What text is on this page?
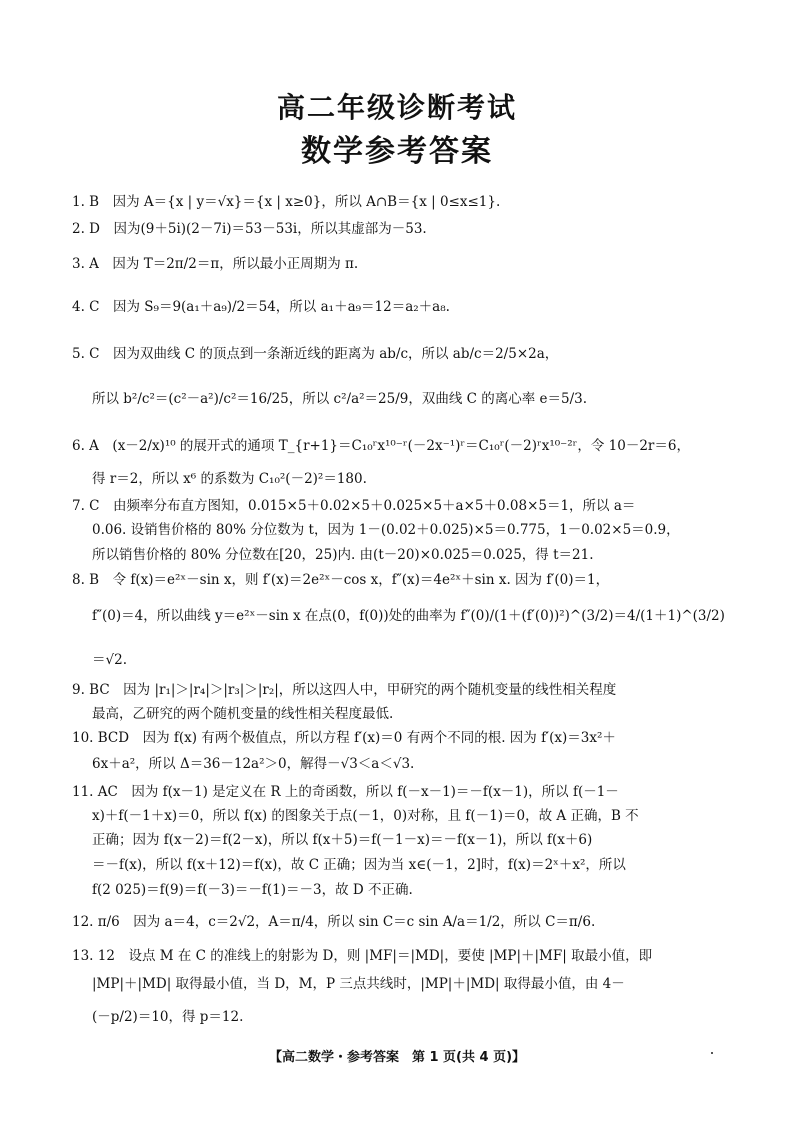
高二年级诊断考试
数学参考答案
1. B　因为 A＝{x | y＝√x}＝{x | x≥0}，所以 A∩B＝{x | 0≤x≤1}.
2. D　因为(9＋5i)(2－7i)＝53－53i，所以其虚部为－53.
3. A　因为 T＝2π/2＝π，所以最小正周期为 π.
4. C　因为 S₉＝9(a₁＋a₉)/2＝54，所以 a₁＋a₉＝12＝a₂＋a₈.
5. C　因为双曲线 C 的顶点到一条渐近线的距离为 ab/c，所以 ab/c＝2/5×2a，
所以 b²/c²＝(c²－a²)/c²＝16/25，所以 c²/a²＝25/9，双曲线 C 的离心率 e＝5/3.
6. A　(x－2/x)¹⁰ 的展开式的通项 T_{r+1}＝C₁₀ʳx¹⁰⁻ʳ(－2x⁻¹)ʳ＝C₁₀ʳ(－2)ʳx¹⁰⁻²ʳ，令 10－2r＝6，
得 r＝2，所以 x⁶ 的系数为 C₁₀²(－2)²＝180.
7. C　由频率分布直方图知，0.015×5＋0.02×5＋0.025×5＋a×5＋0.08×5＝1，所以 a＝
0.06. 设销售价格的 80% 分位数为 t，因为 1－(0.02＋0.025)×5＝0.775，1－0.02×5＝0.9，
所以销售价格的 80% 分位数在[20，25)内. 由(t－20)×0.025＝0.025，得 t＝21.
8. B　令 f(x)＝e²ˣ－sin x，则 f′(x)＝2e²ˣ－cos x，f″(x)＝4e²ˣ＋sin x. 因为 f′(0)＝1，
f″(0)＝4，所以曲线 y＝e²ˣ－sin x 在点(0，f(0))处的曲率为 f″(0)/(1＋(f′(0))²)^(3/2)＝4/(1＋1)^(3/2)
＝√2.
9. BC　因为 |r₁|＞|r₄|＞|r₃|＞|r₂|，所以这四人中，甲研究的两个随机变量的线性相关程度
最高，乙研究的两个随机变量的线性相关程度最低.
10. BCD　因为 f(x) 有两个极值点，所以方程 f′(x)＝0 有两个不同的根. 因为 f′(x)＝3x²＋
6x＋a²，所以 Δ＝36－12a²＞0，解得－√3＜a＜√3.
11. AC　因为 f(x－1) 是定义在 R 上的奇函数，所以 f(－x－1)＝－f(x－1)，所以 f(－1－
x)＋f(－1＋x)＝0，所以 f(x) 的图象关于点(－1，0)对称，且 f(－1)＝0，故 A 正确，B 不
正确；因为 f(x－2)＝f(2－x)，所以 f(x＋5)＝f(－1－x)＝－f(x－1)，所以 f(x＋6)
＝－f(x)，所以 f(x＋12)＝f(x)，故 C 正确；因为当 x∈(－1，2]时，f(x)＝2ˣ＋x²，所以
f(2 025)＝f(9)＝f(－3)＝－f(1)＝－3，故 D 不正确.
12. π/6　因为 a＝4，c＝2√2，A＝π/4，所以 sin C＝c sin A/a＝1/2，所以 C＝π/6.
13. 12　设点 M 在 C 的准线上的射影为 D，则 |MF|＝|MD|，要使 |MP|＋|MF| 取最小值，即
|MP|＋|MD| 取得最小值，当 D，M，P 三点共线时，|MP|＋|MD| 取得最小值，由 4－
(－p/2)＝10，得 p＝12.
【高二数学・参考答案　第 1 页(共 4 页)】
